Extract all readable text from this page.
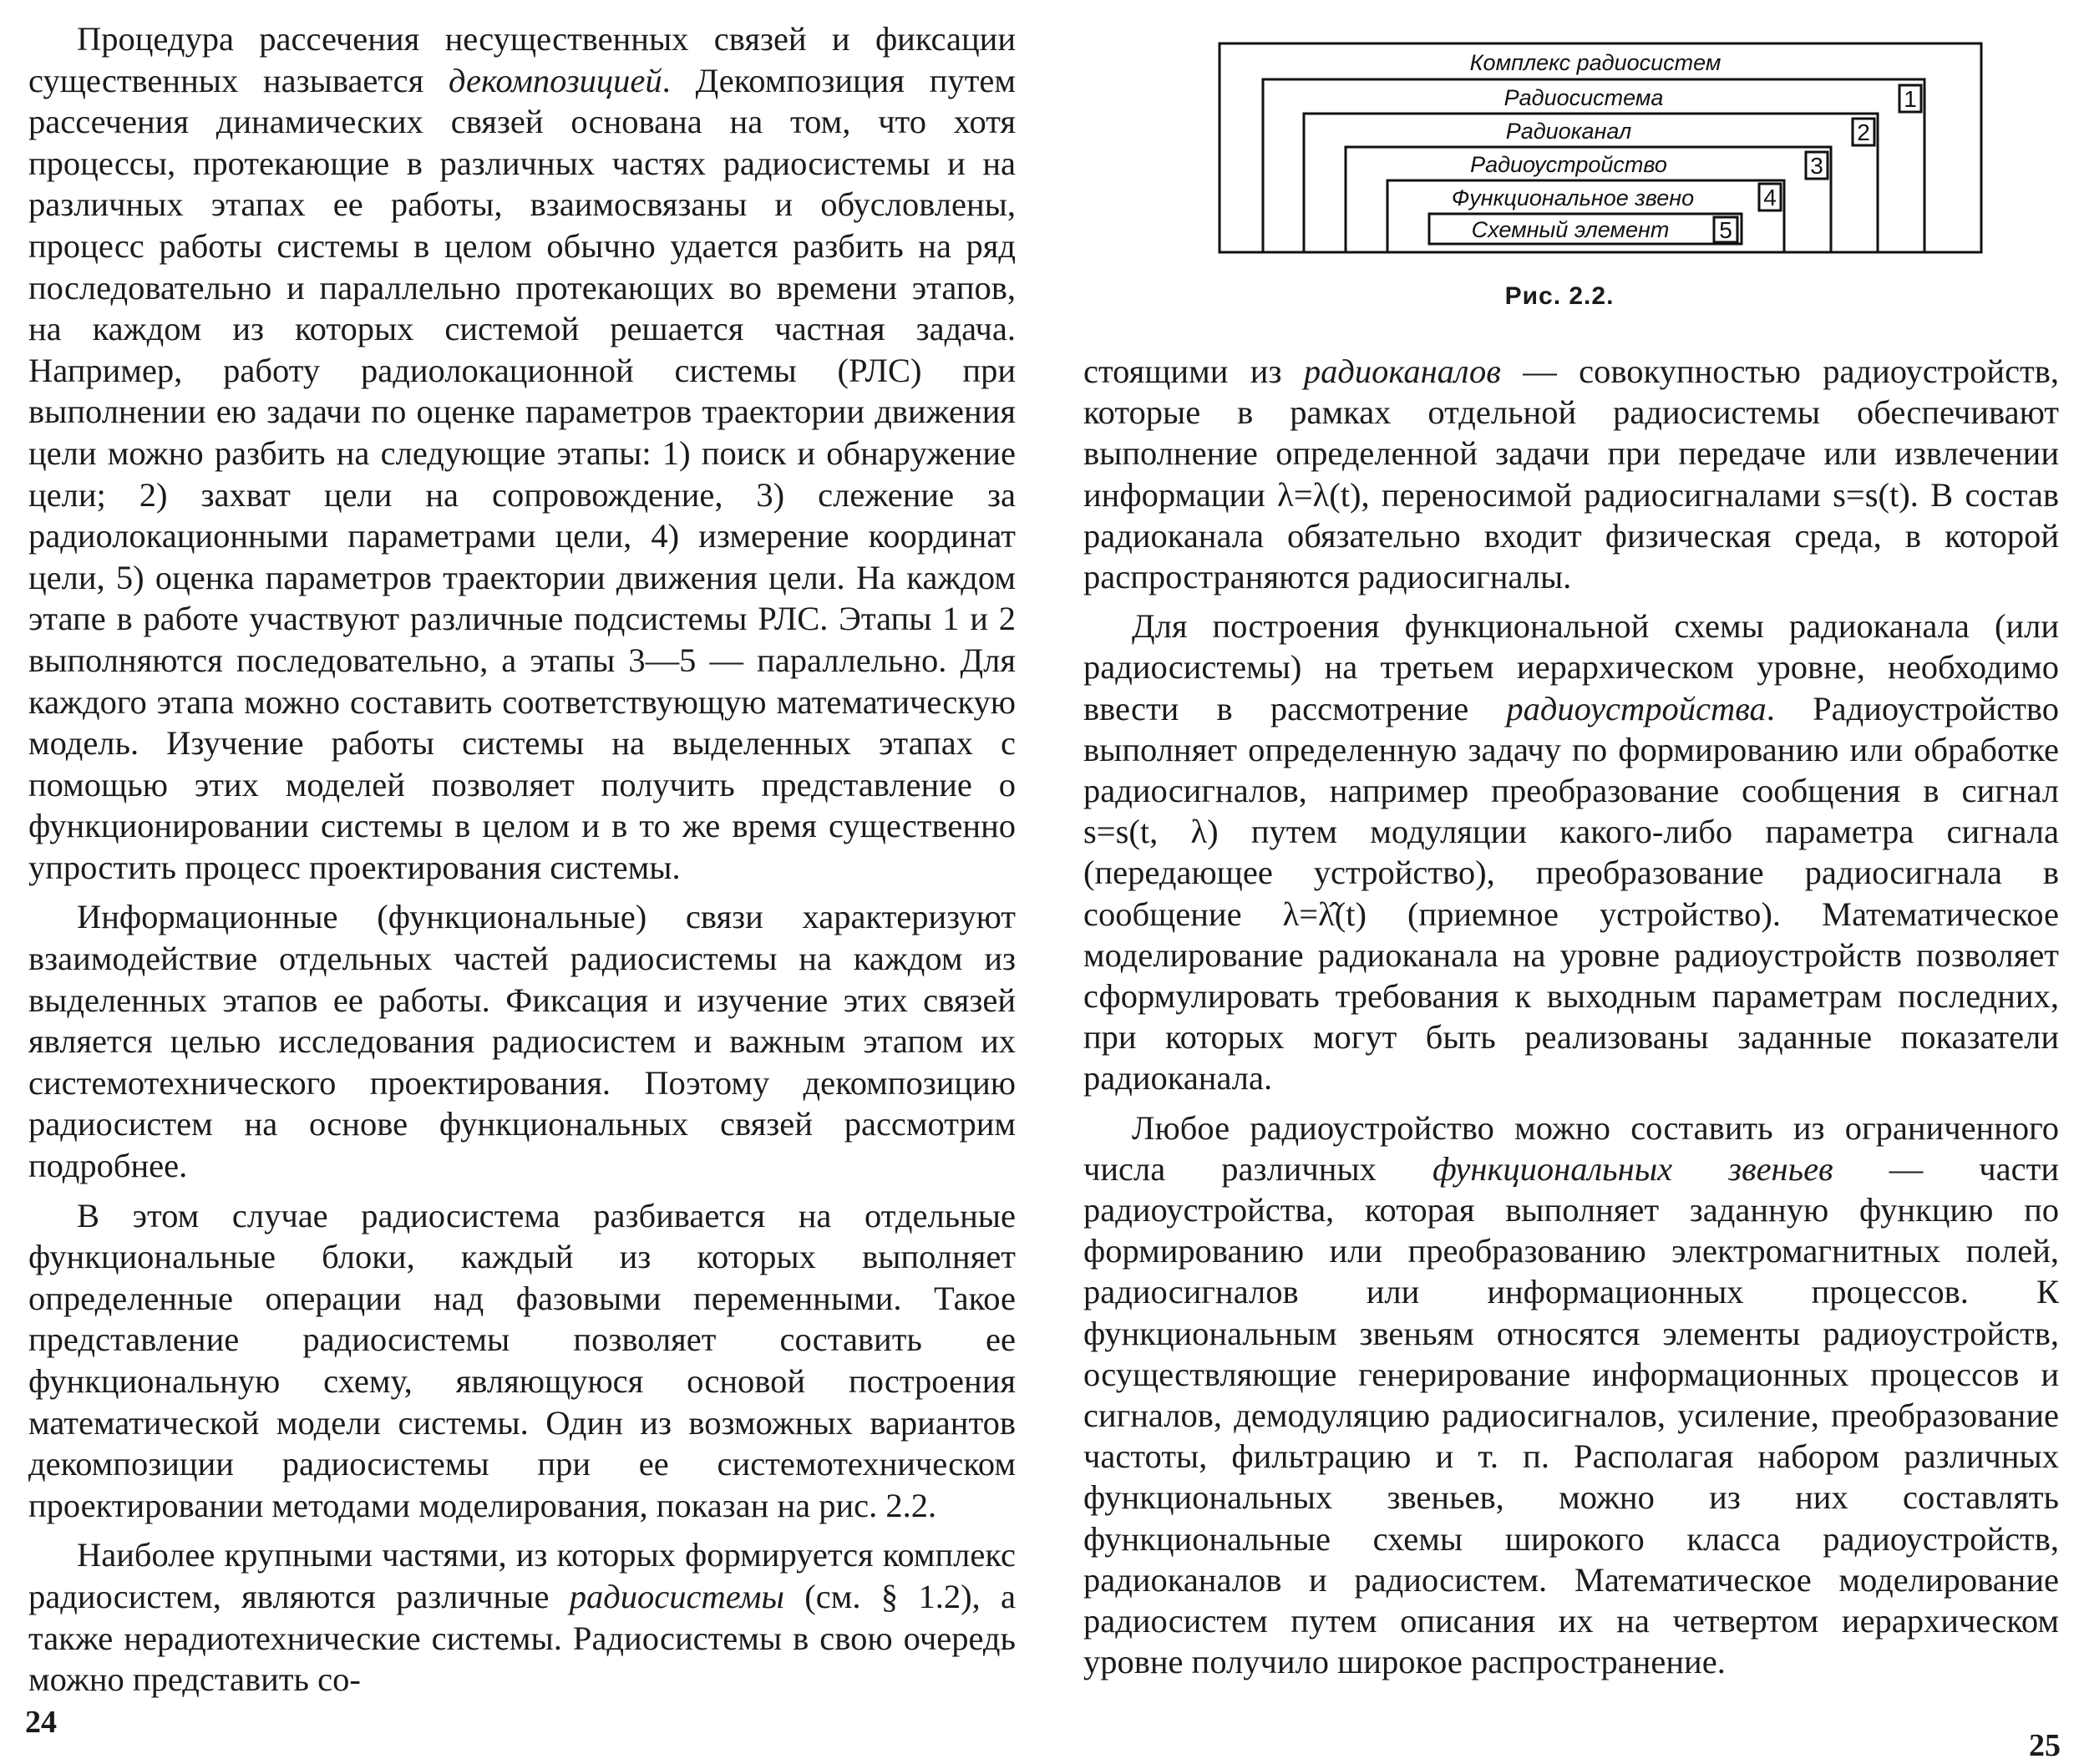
Процедура рассечения несущественных связей и фиксации существенных называется декомпозицией. Декомпозиция путем рассечения динамических связей основана на том, что хотя процессы, протекающие в различных частях радиосистемы и на различных этапах ее работы, взаимосвязаны и обусловлены, процесс работы системы в целом обычно удается разбить на ряд последовательно и параллельно протекающих во времени этапов, на каждом из которых системой решается частная задача. Например, работу радиолокационной системы (РЛС) при выполнении ею задачи по оценке параметров траектории движения цели можно разбить на следующие этапы: 1) поиск и обнаружение цели; 2) захват цели на сопровождение, 3) слежение за радиолокационными параметрами цели, 4) измерение координат цели, 5) оценка параметров траектории движения цели. На каждом этапе в работе участвуют различные подсистемы РЛС. Этапы 1 и 2 выполняются последовательно, а этапы 3—5 — параллельно. Для каждого этапа можно составить соответствующую математическую модель. Изучение работы системы на выделенных этапах с помощью этих моделей позволяет получить представление о функционировании системы в целом и в то же время существенно упростить процесс проектирования системы.

Информационные (функциональные) связи характеризуют взаимодействие отдельных частей радиосистемы на каждом из выделенных этапов ее работы. Фиксация и изучение этих связей является целью исследования радиосистем и важным этапом их системотехнического проектирования. Поэтому декомпозицию радиосистем на основе функциональных связей рассмотрим подробнее.

В этом случае радиосистема разбивается на отдельные функциональные блоки, каждый из которых выполняет определенные операции над фазовыми переменными. Такое представление радиосистемы позволяет составить ее функциональную схему, являющуюся основой построения математической модели системы. Один из возможных вариантов декомпозиции радиосистемы при ее системотехническом проектировании методами моделирования, показан на рис. 2.2.

Наиболее крупными частями, из которых формируется комплекс радиосистем, являются различные радиосистемы (см. § 1.2), а также нерадиотехнические системы. Радиосистемы в свою очередь можно представить со-

24
Комплекс радиосистем
Радиосистема	1
Радиоканал	2
Радиоустройство	3
Функциональное звено	4
Схемный элемент 5
Рис. 2.2.

стоящими из радиоканалов — совокупностью радиоустройств, которые в рамках отдельной радиосистемы обеспечивают выполнение определенной задачи при передаче или извлечении информации λ=λ(t), переносимой радиосигналами s=s(t). В состав радиоканала обязательно входит физическая среда, в которой распространяются радиосигналы.

Для построения функциональной схемы радиоканала (или радиосистемы) на третьем иерархическом уровне, необходимо ввести в рассмотрение радиоустройства. Радиоустройство выполняет определенную задачу по формированию или обработке радиосигналов, например преобразование сообщения в сигнал s=s(t, λ) путем модуляции какого-либо параметра сигнала (передающее устройство), преобразование радиосигнала в сообщение λ=λ̂(t) (приемное устройство). Математическое моделирование радиоканала на уровне радиоустройств позволяет сформулировать требования к выходным параметрам последних, при которых могут быть реализованы заданные показатели радиоканала.

Любое радиоустройство можно составить из ограниченного числа различных функциональных звеньев — части радиоустройства, которая выполняет заданную функцию по формированию или преобразованию электромагнитных полей, радиосигналов или информационных процессов. К функциональным звеньям относятся элементы радиоустройств, осуществляющие генерирование информационных процессов и сигналов, демодуляцию радиосигналов, усиление, преобразование частоты, фильтрацию и т. п. Располагая набором различных функциональных звеньев, можно из них составлять функциональные схемы широкого класса радиоустройств, радиоканалов и радиосистем. Математическое моделирование радиосистем путем описания их на четвертом иерархическом уровне получило широкое распространение.

25
